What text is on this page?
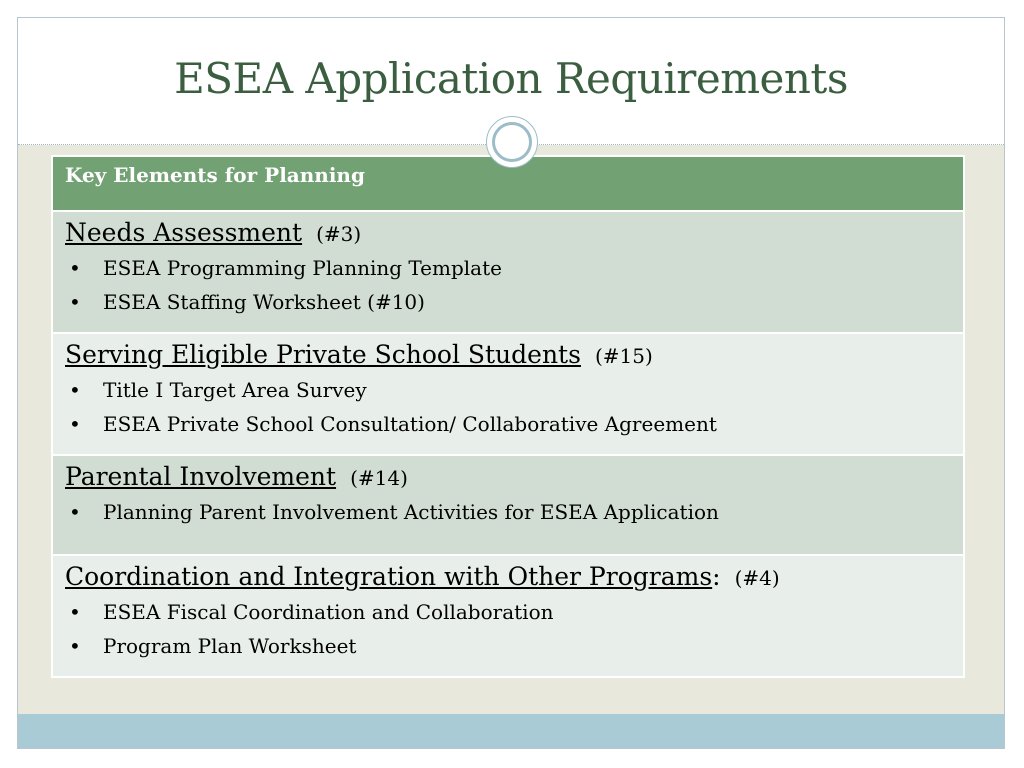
ESEA Application Requirements
Key Elements for Planning

Needs Assessment (#3)
• ESEA Programming Planning Template
• ESEA Staffing Worksheet (#10)

Serving Eligible Private School Students (#15)
• Title I Target Area Survey
• ESEA Private School Consultation/ Collaborative Agreement

Parental Involvement (#14)
• Planning Parent Involvement Activities for ESEA Application

Coordination and Integration with Other Programs: (#4)
• ESEA Fiscal Coordination and Collaboration
• Program Plan Worksheet
